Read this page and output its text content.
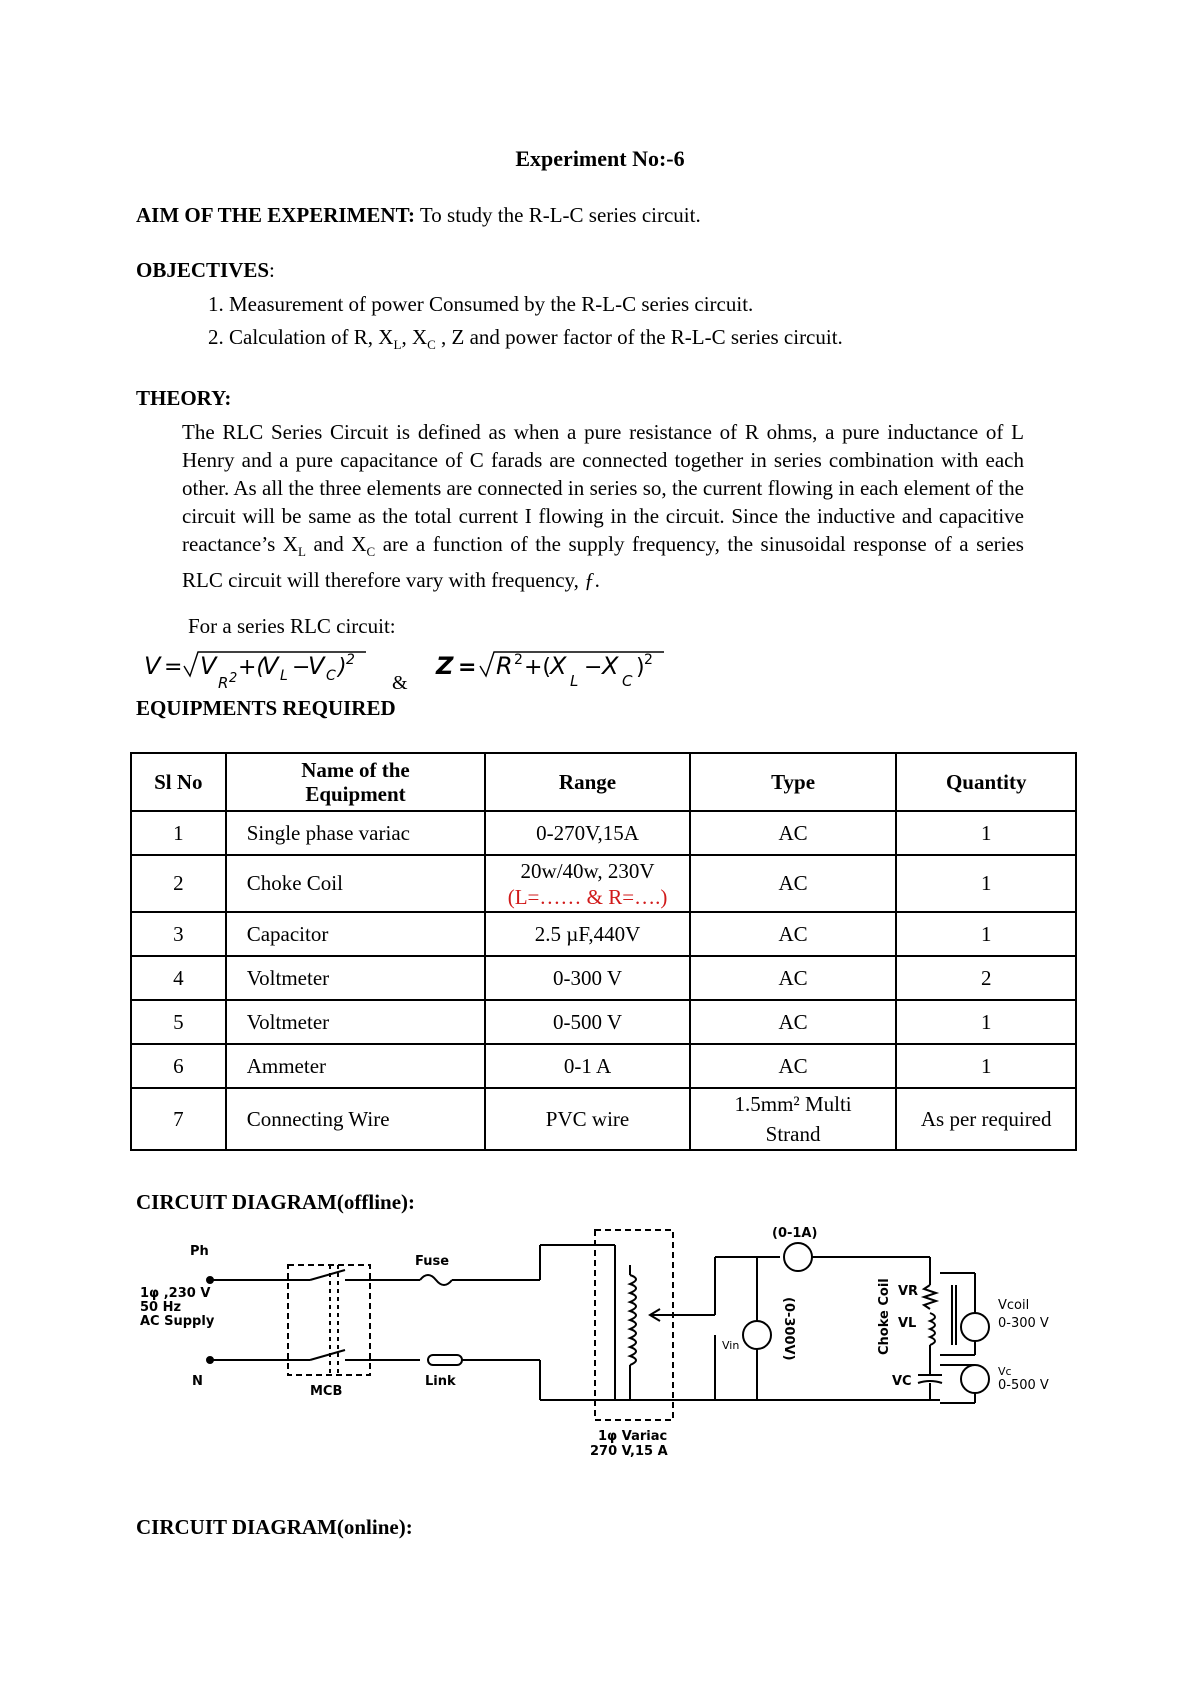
Experiment No:-6
AIM OF THE EXPERIMENT: To study the R-L-C series circuit.
OBJECTIVES:
1. Measurement of power Consumed by the R-L-C series circuit.
2. Calculation of R, $X_L$, $X_C$ , Z and power factor of the R-L-C series circuit.
THEORY:
The RLC Series Circuit is defined as when a pure resistance of R ohms, a pure inductance of L Henry and a pure capacitance of C farads are connected together in series combination with each other. As all the three elements are connected in series so, the current flowing in each element of the circuit will be same as the total current I flowing in the circuit. Since the inductive and capacitive reactance’s $X_L$ and $X_C$ are a function of the supply frequency, the sinusoidal response of a series RLC circuit will therefore vary with frequency, ƒ.
For a series RLC circuit:
V = V
R 2 +(
V L −
V C ) 2
&
Z = R 2 +(
X
L
− X
C
) 2
EQUIPMENTS REQUIRED
Sl No	Name of the Equipment	Range	Type	Quantity
1	Single phase variac	0-270V,15A	AC	1
2	Choke Coil	20w/40w, 230V
(L=…… & R=….)	AC	1
3	Capacitor	2.5 µF,440V	AC	1
4	Voltmeter	0-300 V	AC	2
5	Voltmeter	0-500 V	AC	1
6	Ammeter	0-1 A	AC	1
7	Connecting Wire	PVC wire	1.5mm² Multi Strand	As per required
CIRCUIT DIAGRAM(offline):
Ph
1φ ,230 V
50 Hz
AC Supply
N
MCB
Fuse
Link
1φ Variac
270 V,15 A
(0-1A)
Vin	(0-300V)	Choke Coil VR
VL
VC
Vcoil
0-300 V
Vc
0-500 V
CIRCUIT DIAGRAM(online):
